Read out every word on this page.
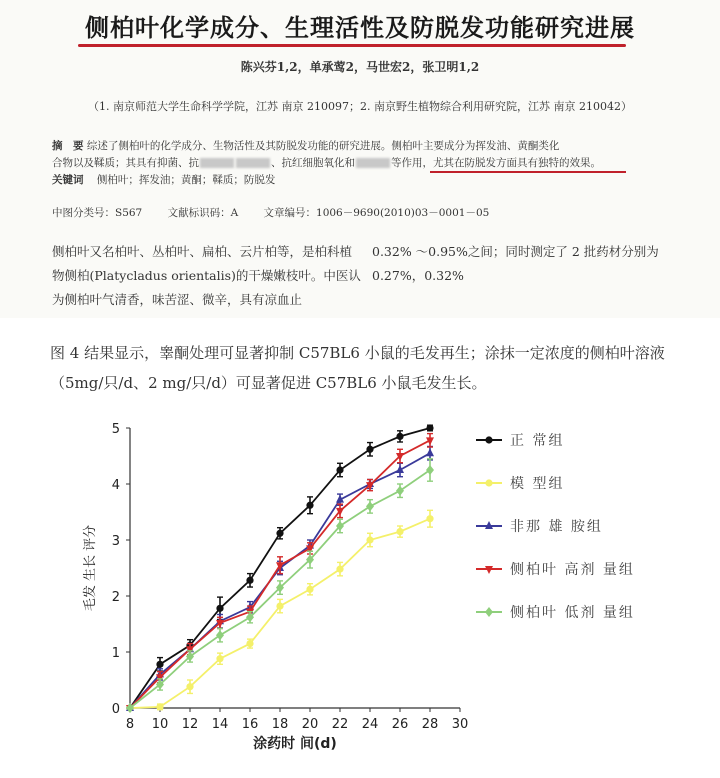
侧柏叶化学成分、生理活性及防脱发功能研究进展
陈兴芬1,2，单承莺2，马世宏2，张卫明1,2
（1. 南京师范大学生命科学学院，江苏 南京 210097；2. 南京野生植物综合利用研究院，江苏 南京 210042）
摘　要 综述了侧柏叶的化学成分、生物活性及其防脱发功能的研究进展。侧柏叶主要成分为挥发油、黄酮类化
合物以及鞣质；其具有抑菌、抗	、抗红细胞氧化和	等作用，尤其在防脱发方面具有独特的效果。
关键词 侧柏叶；挥发油；黄酮；鞣质；防脱发
中图分类号：S567 文献标识码：A 文章编号：1006－9690(2010)03－0001－05
侧柏叶又名柏叶、丛柏叶、扁柏、云片柏等，是柏科植物侧柏(Platycladus orientalis)的干燥嫩枝叶。中医认为侧柏叶气清香，味苦涩、微辛，具有凉血止
0.32% ～0.95%之间；同时测定了 2 批药材分别为 0.27%，0.32%
图 4 结果显示，睾酮处理可显著抑制 C57BL6 小鼠的毛发再生；涂抹一定浓度的侧柏叶溶液（5mg/只/d、2 mg/只/d）可显著促进 C57BL6 小鼠毛发生长。
8 10 12 14 16 18 20 22 24 26 28 30
0
1
2
3
4
5
涂药时 间(d)
毛发 生长 评分
正 常组
模 型组
非那 雄 胺组
侧柏叶 高剂 量组
侧柏叶 低剂 量组
